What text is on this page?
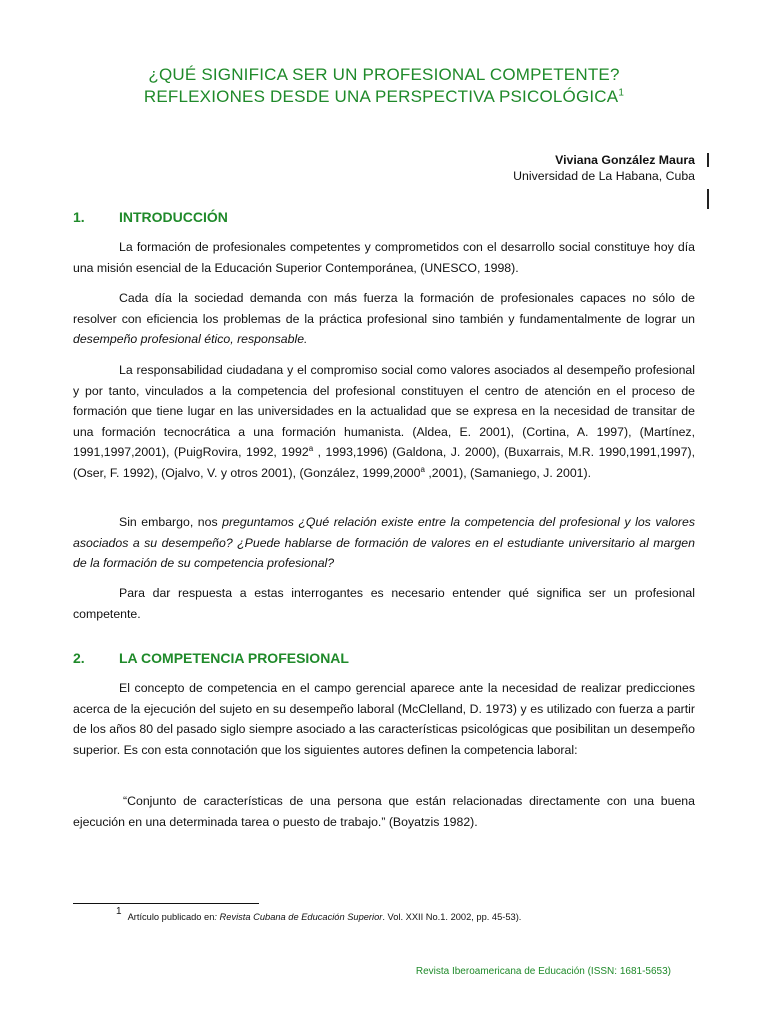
¿QUÉ SIGNIFICA SER UN PROFESIONAL COMPETENTE?
REFLEXIONES DESDE UNA PERSPECTIVA PSICOLÓGICA$^1$
Viviana González Maura
Universidad de La Habana, Cuba
1. INTRODUCCIÓN

La formación de profesionales competentes y comprometidos con el desarrollo social constituye hoy día una misión esencial de la Educación Superior Contemporánea, (UNESCO, 1998).

Cada día la sociedad demanda con más fuerza la formación de profesionales capaces no sólo de resolver con eficiencia los problemas de la práctica profesional sino también y fundamentalmente de lograr un desempeño profesional ético, responsable.

La responsabilidad ciudadana y el compromiso social como valores asociados al desempeño profesional y por tanto, vinculados a la competencia del profesional constituyen el centro de atención en el proceso de formación que tiene lugar en las universidades en la actualidad que se expresa en la necesidad de transitar de una formación tecnocrática a una formación humanista. (Aldea, E. 2001), (Cortina, A. 1997), (Martínez, 1991,1997,2001), (PuigRovira, 1992, 1992$^a$ , 1993,1996) (Galdona, J. 2000), (Buxarrais, M.R. 1990,1991,1997), (Oser, F. 1992), (Ojalvo, V. y otros 2001), (González, 1999,2000$^a$ ,2001), (Samaniego, J. 2001).

Sin embargo, nos preguntamos ¿Qué relación existe entre la competencia del profesional y los valores asociados a su desempeño? ¿Puede hablarse de formación de valores en el estudiante universitario al margen de la formación de su competencia profesional?

Para dar respuesta a estas interrogantes es necesario entender qué significa ser un profesional competente.

2. LA COMPETENCIA PROFESIONAL

El concepto de competencia en el campo gerencial aparece ante la necesidad de realizar predicciones acerca de la ejecución del sujeto en su desempeño laboral (McClelland, D. 1973) y es utilizado con fuerza a partir de los años 80 del pasado siglo siempre asociado a las características psicológicas que posibilitan un desempeño superior. Es con esta connotación que los siguientes autores definen la competencia laboral:

“Conjunto de características de una persona que están relacionadas directamente con una buena ejecución en una determinada tarea o puesto de trabajo.” (Boyatzis 1982).

1 Artículo publicado en: Revista Cubana de Educación Superior. Vol. XXII No.1. 2002, pp. 45-53).
Revista Iberoamericana de Educación (ISSN: 1681-5653)
